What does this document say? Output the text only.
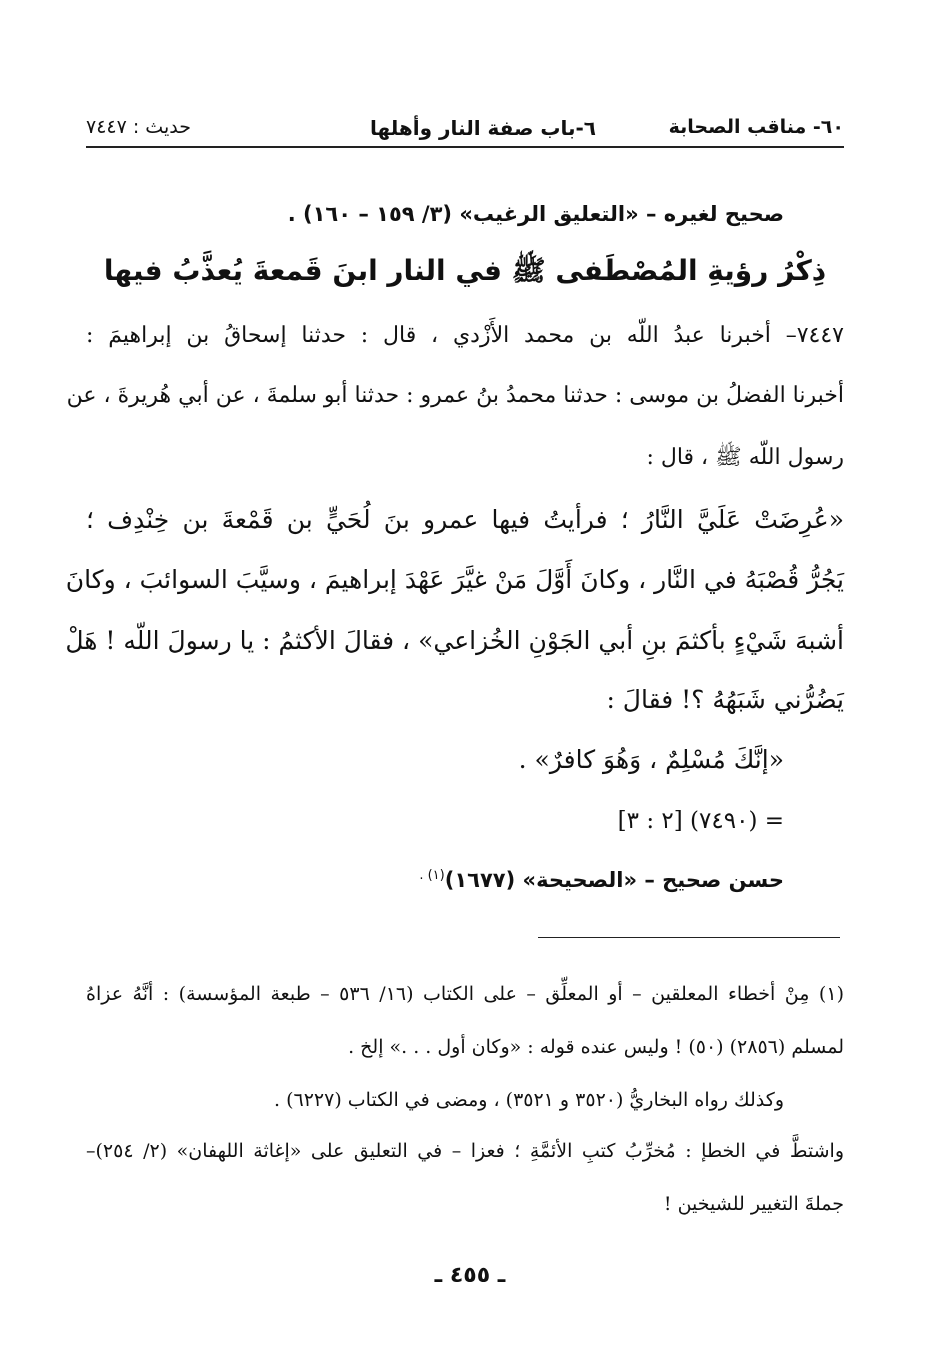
٦٠- مناقب الصحابة
٦-باب صفة النار وأهلها
حديث : ٧٤٤٧
صحيح لغيره – «التعليق الرغيب» (٣/ ١٥٩ – ١٦٠) .
ذِكْرُ رؤيةِ المُصْطَفى ﷺ في النار ابنَ قَمعةَ يُعذَّبُ فيها
٧٤٤٧– أخبرنا عبدُ اللّه بن محمد الأَزْدي ، قال : حدثنا إسحاقُ بن إبراهيمَ :
أخبرنا الفضلُ بن موسى : حدثنا محمدُ بنُ عمرو : حدثنا أبو سلمةَ ، عن أبي هُريرةَ ، عن
رسول اللّه ﷺ ، قال :
«عُرِضَتْ عَلَيَّ النَّارُ ؛ فرأيتُ فيها عمرو بنَ لُحَيٍّ بن قَمْعةَ بن خِنْدِف ؛
يَجُرُّ قُصْبَهُ في النَّار ، وكانَ أَوَّلَ مَنْ غيَّرَ عَهْدَ إبراهيمَ ، وسيَّبَ السوائبَ ، وكانَ
أشبهَ شَيْءٍ بأكثمَ بنِ أبي الجَوْنِ الخُزاعي» ، فقالَ الأكثمُ : يا رسولَ اللّه ! هَلْ
يَضُرُّني شَبَهُهُ ؟! فقالَ :
«إنَّكَ مُسْلِمٌ ، وَهُوَ كافرٌ» .
= (٧٤٩٠) [٢ : ٣]
حسن صحيح – «الصحيحة» (١٦٧٧)$^{(١) .}$
(١) مِنْ أخطاء المعلقين – أو المعلِّق – على الكتاب (١٦/ ٥٣٦ – طبعة المؤسسة) : أنَّهُ عزاهُ
لمسلم (٢٨٥٦) (٥٠) ! وليس عنده قوله : «وكان أول . . .» إلخ .
وكذلك رواه البخاريُّ (٣٥٢٠ و ٣٥٢١) ، ومضى في الكتاب (٦٢٢٧) .
واشتطَّ في الخطإ : مُخرِّبُ كتبِ الأئمَّةِ ؛ فعزا – في التعليق على «إغاثة اللهفان» (٢/ ٢٥٤)–
جملةَ التغيير للشيخين !
ـ ٤٥٥ ـ
